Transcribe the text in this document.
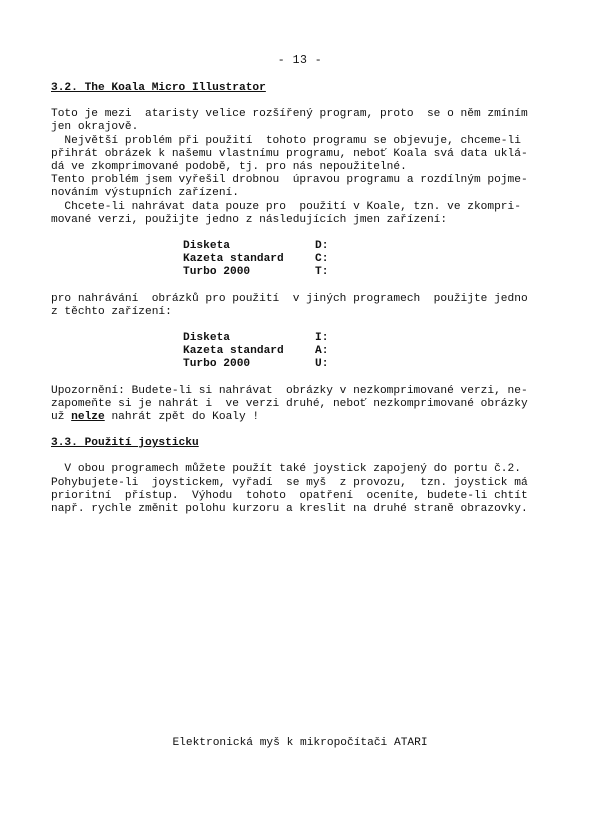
- 13 -
3.2. The Koala Micro Illustrator
Toto je mezi  ataristy velice rozšířený program, proto  se o něm zmíním
jen okrajově.
Největší problém při použití  tohoto programu se objevuje, chceme-li
přihrát obrázek k našemu vlastnímu programu, neboť Koala svá data uklá-
dá ve zkomprimované podobě, tj. pro nás nepoužitelné.
Tento problém jsem vyřešil drobnou  úpravou programu a rozdílným pojme-
nováním výstupních zařízení.
Chcete-li nahrávat data pouze pro  použití v Koale, tzn. ve zkompri-
mované verzi, použijte jedno z následujících jmen zařízení:
Disketa	D:
Kazeta standard	C:
Turbo 2000	T:
pro nahrávání  obrázků pro použití  v jiných programech  použijte jedno
z těchto zařízení:
Disketa	I:
Kazeta standard	A:
Turbo 2000	U:
Upozornění: Budete-li si nahrávat  obrázky v nezkomprimované verzi, ne-
zapomeňte si je nahrát i  ve verzi druhé, neboť nezkomprimované obrázky
už nelze nahrát zpět do Koaly !
3.3. Použití joysticku
V obou programech můžete použít také joystick zapojený do portu č.2.
Pohybujete-li  joystickem, vyřadí  se myš  z provozu,  tzn. joystick má
prioritní  přístup.  Výhodu  tohoto  opatření  oceníte, budete-li chtít
např. rychle změnit polohu kurzoru a kreslit na druhé straně obrazovky.
Elektronická myš k mikropočítači ATARI
